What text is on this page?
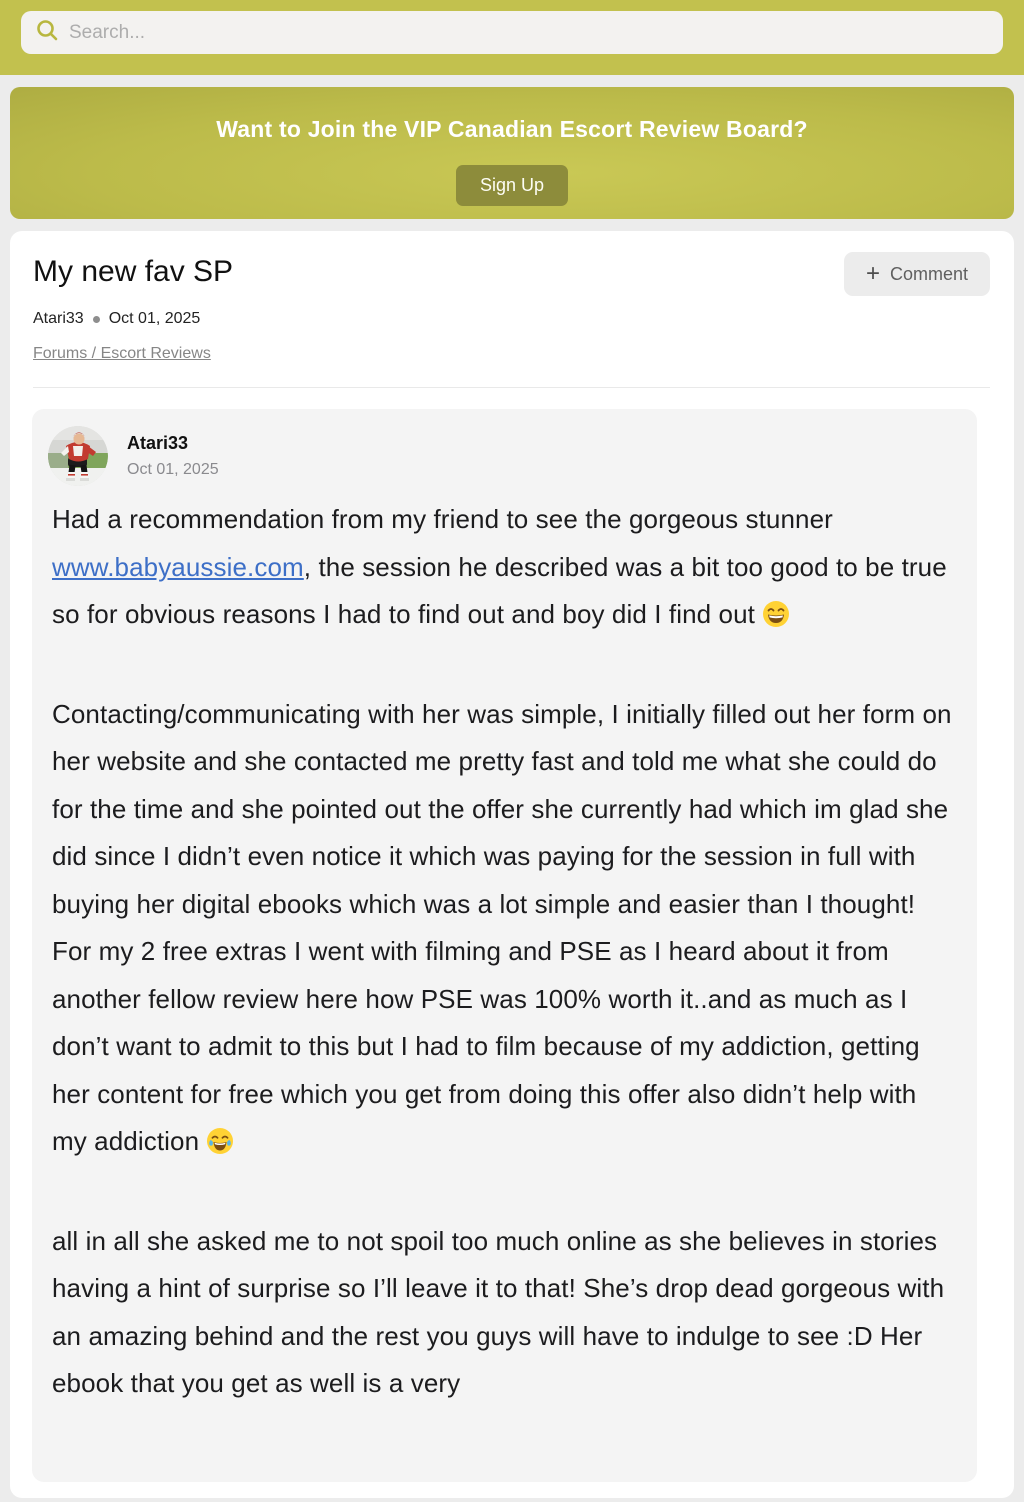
Search...
Want to Join the VIP Canadian Escort Review Board?
Sign Up
My new fav SP	+ Comment
Atari33 Oct 01, 2025
Forums / Escort Reviews
Atari33
Oct 01, 2025

Had a recommendation from my friend to see the gorgeous stunner www.babyaussie.com, the session he described was a bit too good to be true so for obvious reasons I had to find out and boy did I find out

Contacting/communicating with her was simple, I initially filled out her form on her website and she contacted me pretty fast and told me what she could do for the time and she pointed out the offer she currently had which im glad she did since I didn’t even notice it which was paying for the session in full with buying her digital ebooks which was a lot simple and easier than I thought! For my 2 free extras I went with filming and PSE as I heard about it from another fellow review here how PSE was 100% worth it..and as much as I don’t want to admit to this but I had to film because of my addiction, getting her content for free which you get from doing this offer also didn’t help with my addiction

all in all she asked me to not spoil too much online as she believes in stories having a hint of surprise so I’ll leave it to that! She’s drop dead gorgeous with an amazing behind and the rest you guys will have to indulge to see :D Her ebook that you get as well is a very
